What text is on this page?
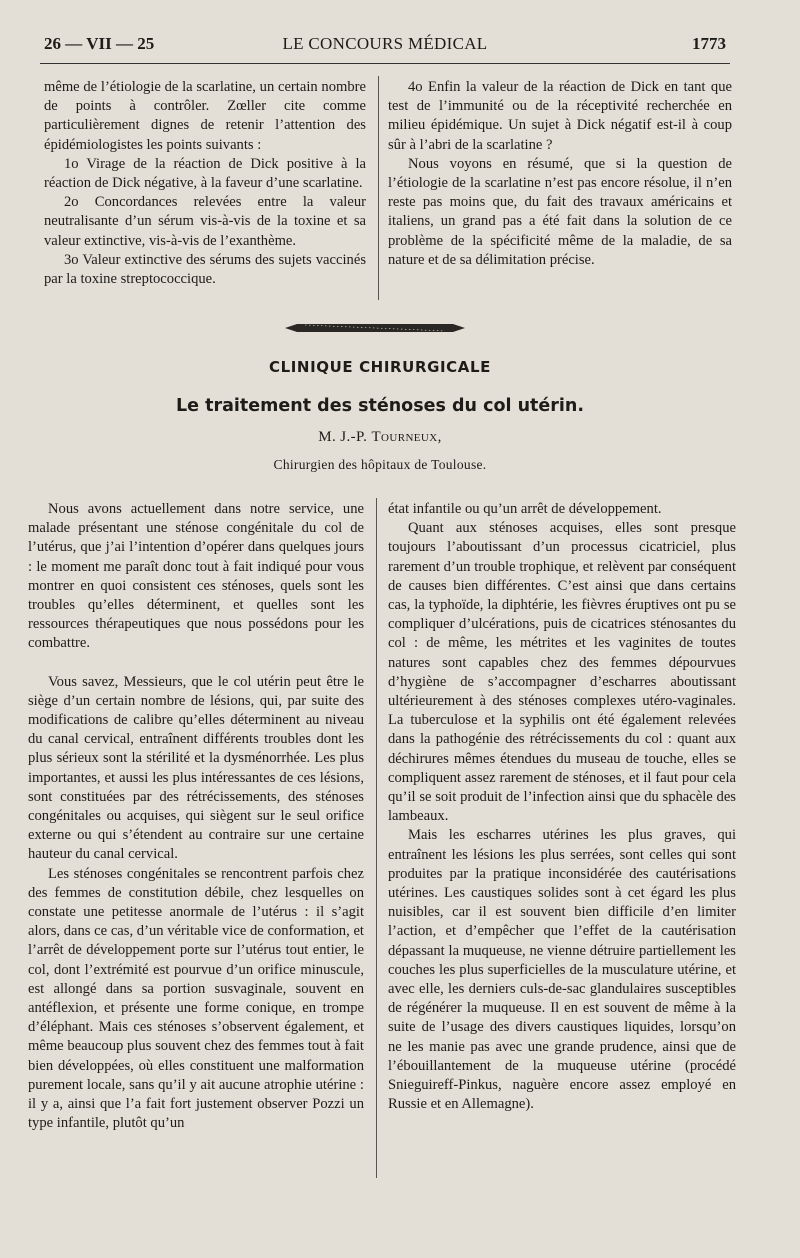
26 — VII — 25	LE CONCOURS MÉDICAL	1773

même de l’étiologie de la scarlatine, un certain nombre de points à contrôler. Zœller cite comme particulièrement dignes de retenir l’attention des épidémiologistes les points suivants :

1o Virage de la réaction de Dick positive à la réaction de Dick négative, à la faveur d’une scarlatine.

2o Concordances relevées entre la valeur neutralisante d’un sérum vis-à-vis de la toxine et sa valeur extinctive, vis-à-vis de l’exanthème.

3o Valeur extinctive des sérums des sujets vaccinés par la toxine streptococcique.

4o Enfin la valeur de la réaction de Dick en tant que test de l’immunité ou de la réceptivité recherchée en milieu épidémique. Un sujet à Dick négatif est-il à coup sûr à l’abri de la scarlatine ?

Nous voyons en résumé, que si la question de l’étiologie de la scarlatine n’est pas encore résolue, il n’en reste pas moins que, du fait des travaux américains et italiens, un grand pas a été fait dans la solution de ce problème de la spécificité même de la maladie, de sa nature et de sa délimitation précise.

CLINIQUE CHIRURGICALE
Le traitement des sténoses du col utérin.
M. J.-P. Tourneux,
Chirurgien des hôpitaux de Toulouse.

Nous avons actuellement dans notre service, une malade présentant une sténose congénitale du col de l’utérus, que j’ai l’intention d’opérer dans quelques jours : le moment me paraît donc tout à fait indiqué pour vous montrer en quoi consistent ces sténoses, quels sont les troubles qu’elles déterminent, et quelles sont les ressources thérapeutiques que nous possédons pour les combattre.

Vous savez, Messieurs, que le col utérin peut être le siège d’un certain nombre de lésions, qui, par suite des modifications de calibre qu’elles déterminent au niveau du canal cervical, entraînent différents troubles dont les plus sérieux sont la stérilité et la dysménorrhée. Les plus importantes, et aussi les plus intéressantes de ces lésions, sont constituées par des rétrécissements, des sténoses congénitales ou acquises, qui siègent sur le seul orifice externe ou qui s’étendent au contraire sur une certaine hauteur du canal cervical.

Les sténoses congénitales se rencontrent parfois chez des femmes de constitution débile, chez lesquelles on constate une petitesse anormale de l’utérus : il s’agit alors, dans ce cas, d’un véritable vice de conformation, et l’arrêt de développement porte sur l’utérus tout entier, le col, dont l’extrémité est pourvue d’un orifice minuscule, est allongé dans sa portion susvaginale, souvent en antéflexion, et présente une forme conique, en trompe d’éléphant. Mais ces sténoses s’observent également, et même beaucoup plus souvent chez des femmes tout à fait bien développées, où elles constituent une malformation purement locale, sans qu’il y ait aucune atrophie utérine : il y a, ainsi que l’a fait fort justement observer Pozzi un type infantile, plutôt qu’un

état infantile ou qu’un arrêt de développement.

Quant aux sténoses acquises, elles sont presque toujours l’aboutissant d’un processus cicatriciel, plus rarement d’un trouble trophique, et relèvent par conséquent de causes bien différentes. C’est ainsi que dans certains cas, la typhoïde, la diphtérie, les fièvres éruptives ont pu se compliquer d’ulcérations, puis de cicatrices sténosantes du col : de même, les métrites et les vaginites de toutes natures sont capables chez des femmes dépourvues d’hygiène de s’accompagner d’escharres aboutissant ultérieurement à des sténoses complexes utéro-vaginales. La tuberculose et la syphilis ont été également relevées dans la pathogénie des rétrécissements du col : quant aux déchirures mêmes étendues du museau de touche, elles se compliquent assez rarement de sténoses, et il faut pour cela qu’il se soit produit de l’infection ainsi que du sphacèle des lambeaux.

Mais les escharres utérines les plus graves, qui entraînent les lésions les plus serrées, sont celles qui sont produites par la pratique inconsidérée des cautérisations utérines. Les caustiques solides sont à cet égard les plus nuisibles, car il est souvent bien difficile d’en limiter l’action, et d’empêcher que l’effet de la cautérisation dépassant la muqueuse, ne vienne détruire partiellement les couches les plus superficielles de la musculature utérine, et avec elle, les derniers culs-de-sac glandulaires susceptibles de régénérer la muqueuse. Il en est souvent de même à la suite de l’usage des divers caustiques liquides, lorsqu’on ne les manie pas avec une grande prudence, ainsi que de l’ébouillantement de la muqueuse utérine (procédé Snieguireff-Pinkus, naguère encore assez employé en Russie et en Allemagne).
